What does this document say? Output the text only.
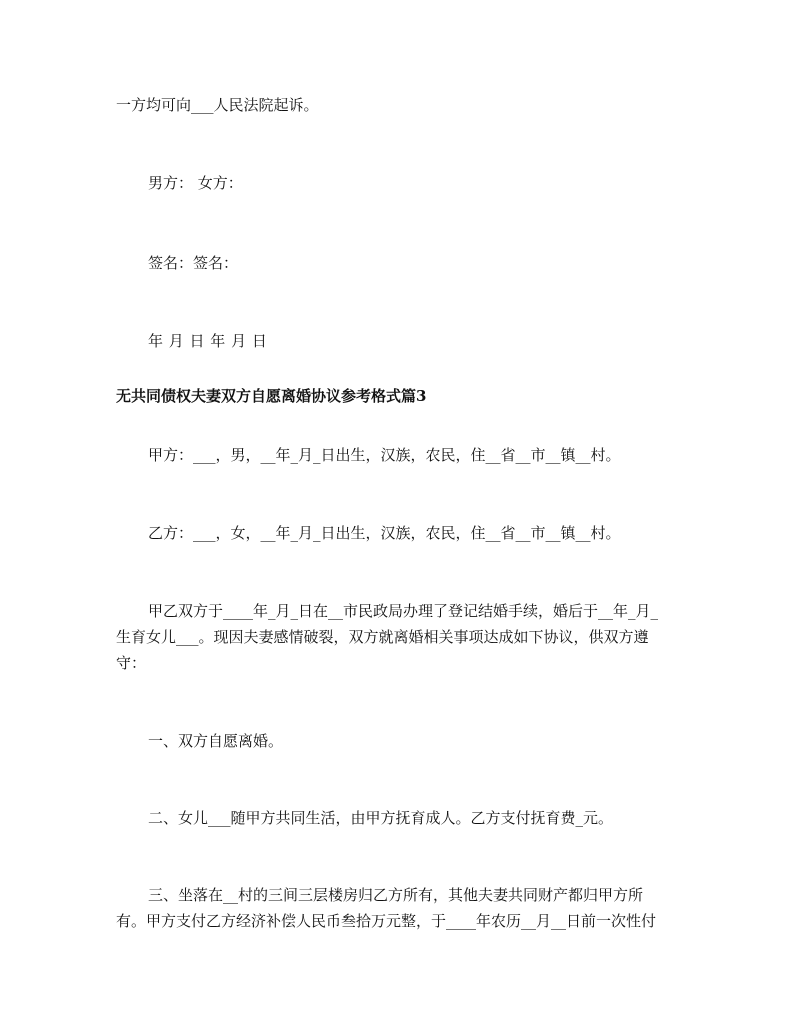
一方均可向___人民法院起诉。
男方： 女方：
签名：签名：
年 月 日 年 月 日
无共同债权夫妻双方自愿离婚协议参考格式篇3
甲方：___，男，__年_月_日出生，汉族，农民，住__省__市__镇__村。
乙方：___，女，__年_月_日出生，汉族，农民，住__省__市__镇__村。
甲乙双方于____年_月_日在__市民政局办理了登记结婚手续，婚后于__年_月_
生育女儿___。现因夫妻感情破裂，双方就离婚相关事项达成如下协议，供双方遵
守：
一、双方自愿离婚。
二、女儿___随甲方共同生活，由甲方抚育成人。乙方支付抚育费_元。
三、坐落在__村的三间三层楼房归乙方所有，其他夫妻共同财产都归甲方所
有。甲方支付乙方经济补偿人民币叁拾万元整，于____年农历__月__日前一次性付
